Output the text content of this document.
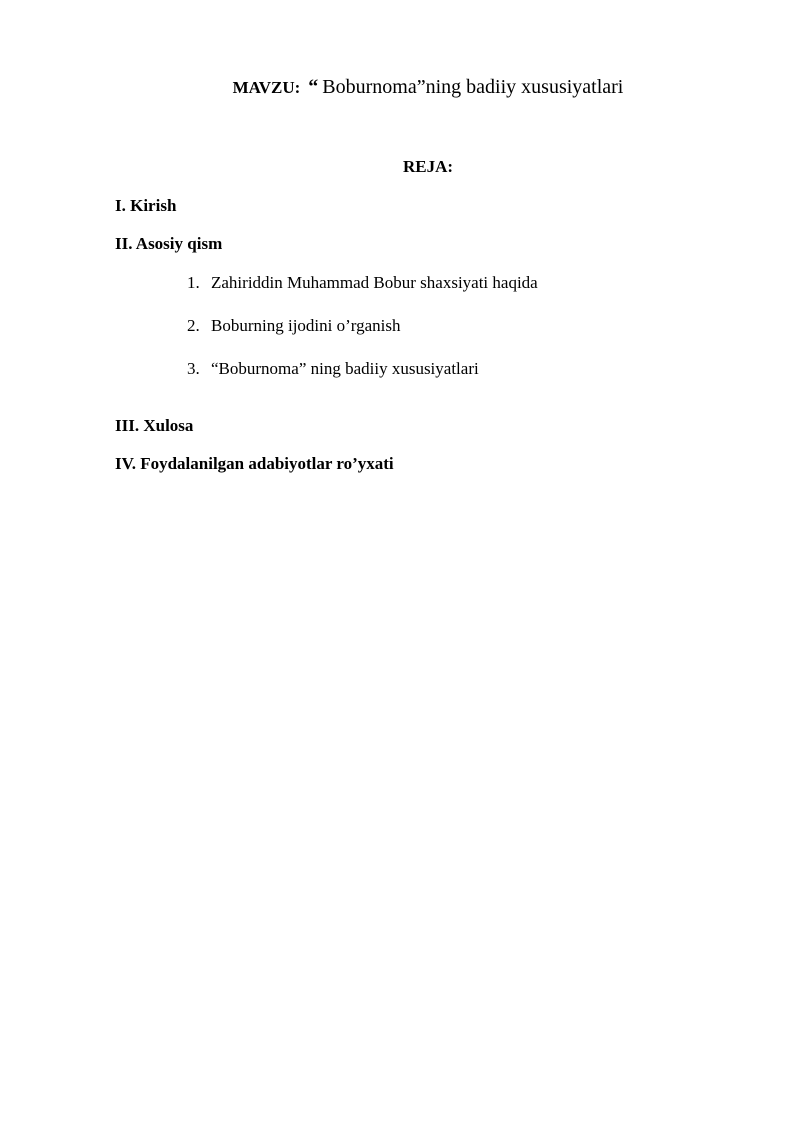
MAVZU: “ Boburnoma”ning badiiy xususiyatlari
REJA:
I. Kirish
II. Asosiy qism
1. Zahiriddin Muhammad Bobur shaxsiyati haqida
2. Boburning ijodini o’rganish
3. “Boburnoma” ning badiiy xususiyatlari
III. Xulosa
IV. Foydalanilgan adabiyotlar ro’yxati
